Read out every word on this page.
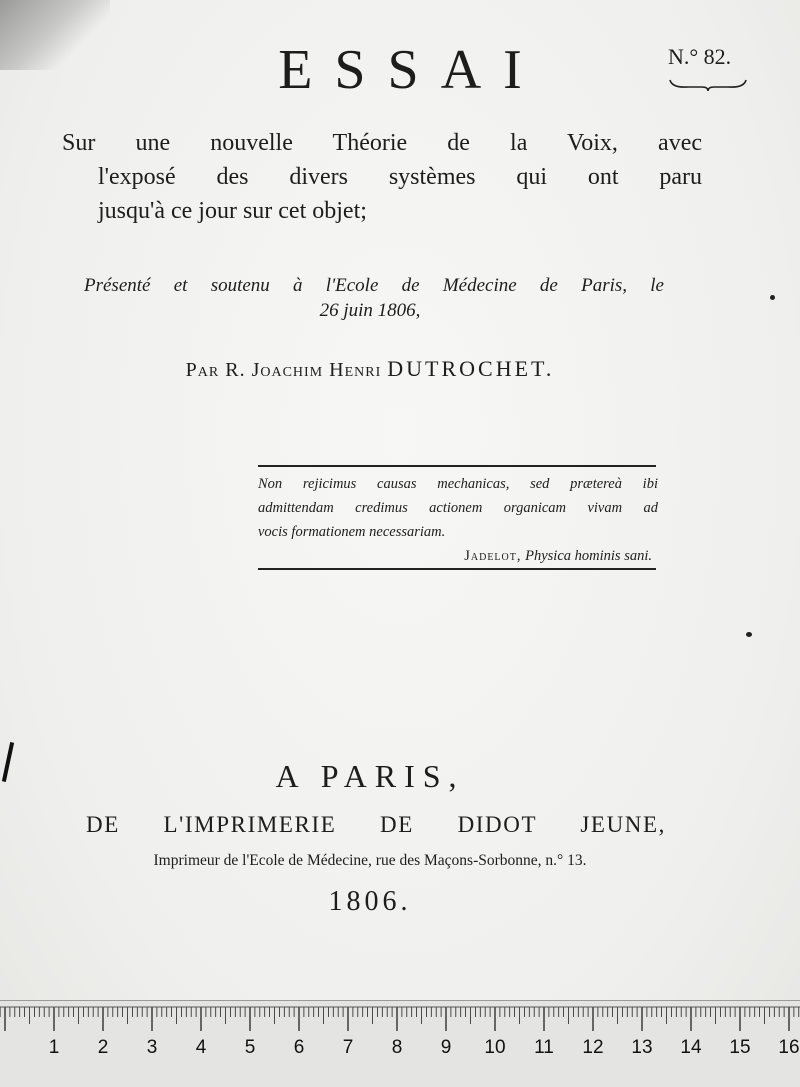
ESSAI	N.° 82.
Sur une nouvelle Théorie de la Voix, avec
l'exposé des divers systèmes qui ont paru
jusqu'à ce jour sur cet objet;
Présenté et soutenu à l'Ecole de Médecine de Paris, le
26 juin 1806,
Par R. Joachim Henri DUTROCHET.
Non rejicimus causas mechanicas, sed prætereà ibi
admittendam credimus actionem organicam vivam ad
vocis formationem necessariam.
Jadelot, Physica hominis sani.
A PARIS,
DE L'IMPRIMERIE DE DIDOT JEUNE,
Imprimeur de l'Ecole de Médecine, rue des Maçons-Sorbonne, n.° 13.
1806.
1	2	3	4	5	6	7	8	9	10 11 12 13 14 15 16
